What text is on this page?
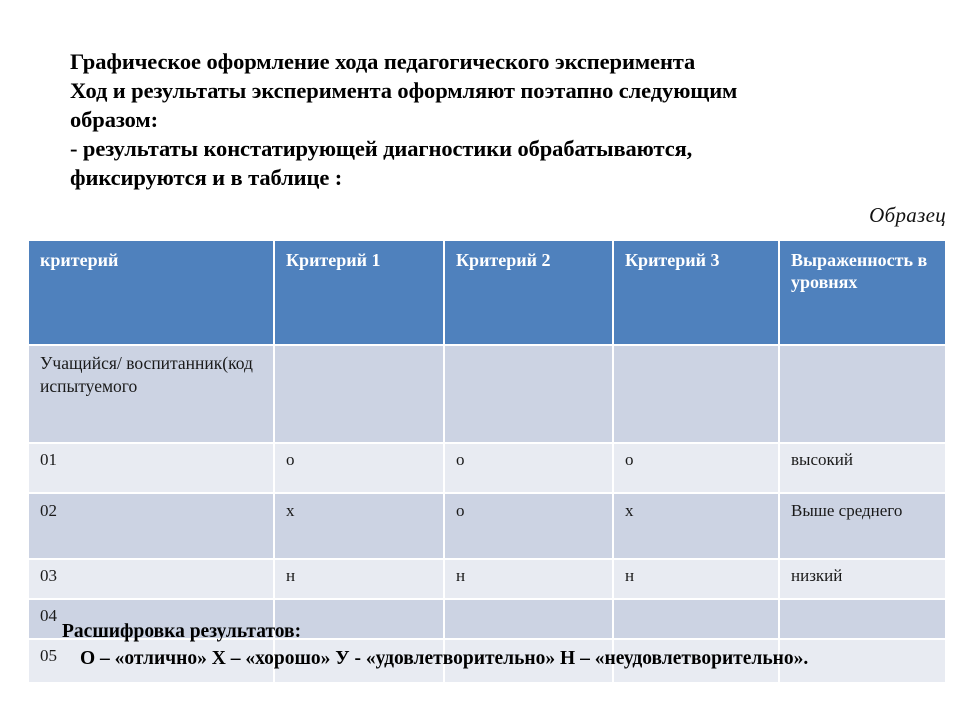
Графическое оформление хода педагогического эксперимента
Ход и результаты эксперимента оформляют поэтапно следующим
образом:
- результаты констатирующей диагностики обрабатываются,
фиксируются и в таблице :
Образец
критерий	Критерий 1	Критерий 2	Критерий 3	Выраженность в уровнях
Учащийся/ воспитанник(код испытуемого				
01	о	о	о	высокий
02	х	о	х	Выше среднего
03	н	н	н	низкий
04				
05				
Расшифровка результатов:
О – «отлично» Х – «хорошо» У - «удовлетворительно» Н – «неудовлетворительно».
